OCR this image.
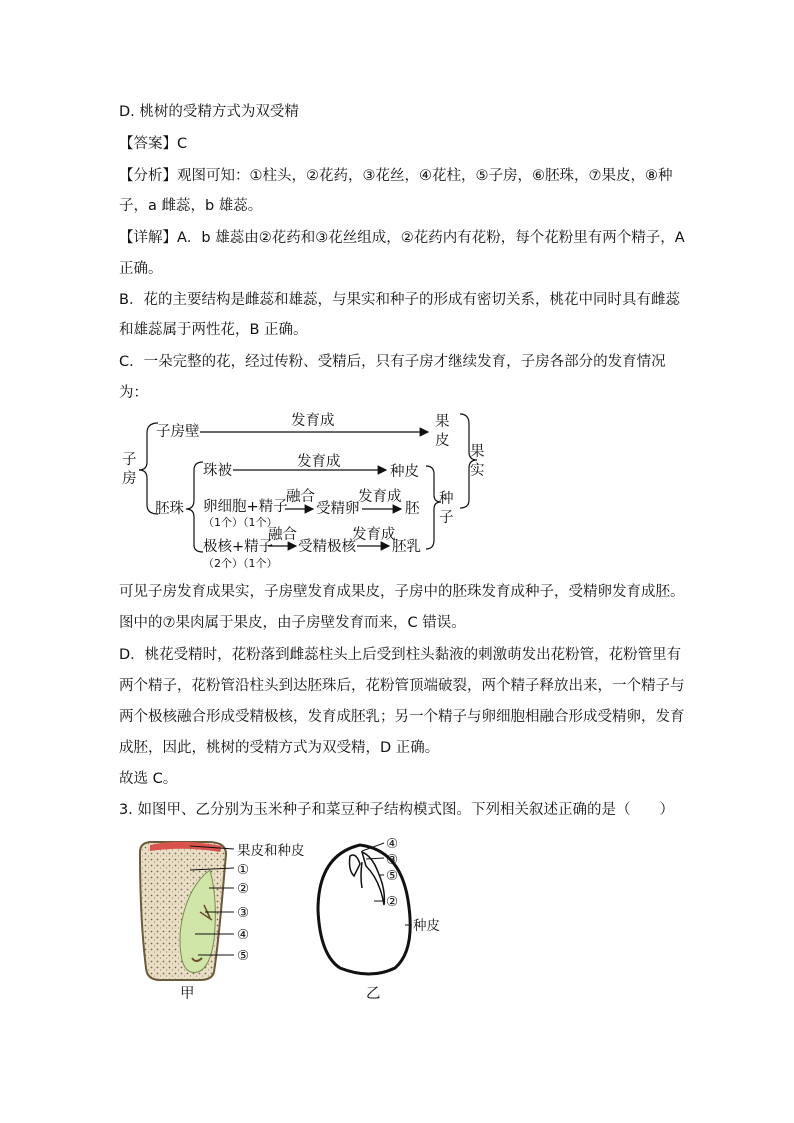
D. 桃树的受精方式为双受精
【答案】C
【分析】观图可知：①柱头，②花药，③花丝，④花柱，⑤子房，⑥胚珠，⑦果皮，⑧种
子，a 雌蕊，b 雄蕊。
【详解】A．b 雄蕊由②花药和③花丝组成，②花药内有花粉，每个花粉里有两个精子，A
正确。
B．花的主要结构是雌蕊和雄蕊，与果实和种子的形成有密切关系，桃花中同时具有雌蕊
和雄蕊属于两性花，B 正确。
C．一朵完整的花，经过传粉、受精后，只有子房才继续发育，子房各部分的发育情况
为：
子
房
子房壁
发育成	果
皮
果
实
胚珠
珠被
发育成
种皮
卵细胞+精子
（1个）（1个）
融合
受精卵
发育成
胚
种
子
极核+精子
（2个）（1个）
融合
受精极核
发育成
胚乳
可见子房发育成果实，子房壁发育成果皮，子房中的胚珠发育成种子，受精卵发育成胚。
图中的⑦果肉属于果皮，由子房壁发育而来，C 错误。
D．桃花受精时，花粉落到雌蕊柱头上后受到柱头黏液的刺激萌发出花粉管，花粉管里有
两个精子，花粉管沿柱头到达胚珠后，花粉管顶端破裂，两个精子释放出来，一个精子与
两个极核融合形成受精极核，发育成胚乳；另一个精子与卵细胞相融合形成受精卵，发育
成胚，因此，桃树的受精方式为双受精，D 正确。
故选 C。
3. 如图甲、乙分别为玉米种子和菜豆种子结构模式图。下列相关叙述正确的是（　　）
果皮和种皮
①
②
③
④
⑤
甲
④
③
⑤
②
种皮
乙
